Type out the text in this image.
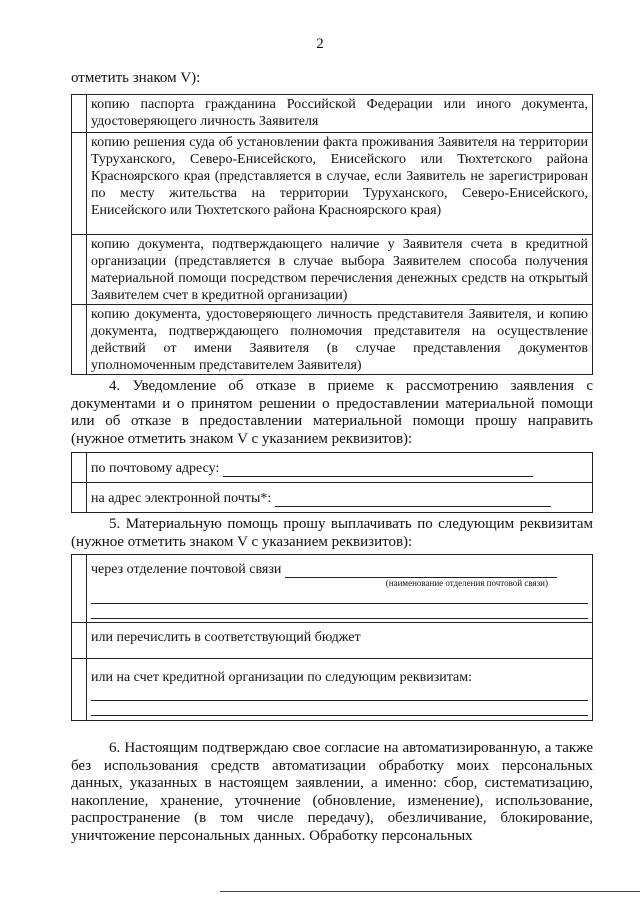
2
отметить знаком V):
	копию паспорта гражданина Российской Федерации или иного документа, удостоверяющего личность Заявителя
	копию решения суда об установлении факта проживания Заявителя на территории Туруханского, Северо-Енисейского, Енисейского или Тюхтетского района Красноярского края (представляется в случае, если Заявитель не зарегистрирован по месту жительства на территории Туруханского, Северо-Енисейского, Енисейского или Тюхтетского района Красноярского края)
	копию документа, подтверждающего наличие у Заявителя счета в кредитной организации (представляется в случае выбора Заявителем способа получения материальной помощи посредством перечисления денежных средств на открытый Заявителем счет в кредитной организации)
	копию документа, удостоверяющего личность представителя Заявителя, и копию документа, подтверждающего полномочия представителя на осуществление действий от имени Заявителя (в случае представления документов уполномоченным представителем Заявителя)
4. Уведомление об отказе в приеме к рассмотрению заявления с документами и о принятом решении о предоставлении материальной помощи или об отказе в предоставлении материальной помощи прошу направить (нужное отметить знаком V с указанием реквизитов):
	по почтовому адресу:
	на адрес электронной почты*:
5. Материальную помощь прошу выплачивать по следующим реквизитам (нужное отметить знаком V с указанием реквизитов):
	через отделение почтовой связи
(наименование отделения почтовой связи)

	или перечислить в соответствующий бюджет

	или на счет кредитной организации по следующим реквизитам:
6. Настоящим подтверждаю свое согласие на автоматизированную, а также без использования средств автоматизации обработку моих персональных данных, указанных в настоящем заявлении, а именно: сбор, систематизацию, накопление, хранение, уточнение (обновление, изменение), использование, распространение (в том числе передачу), обезличивание, блокирование, уничтожение персональных данных. Обработку персональных
